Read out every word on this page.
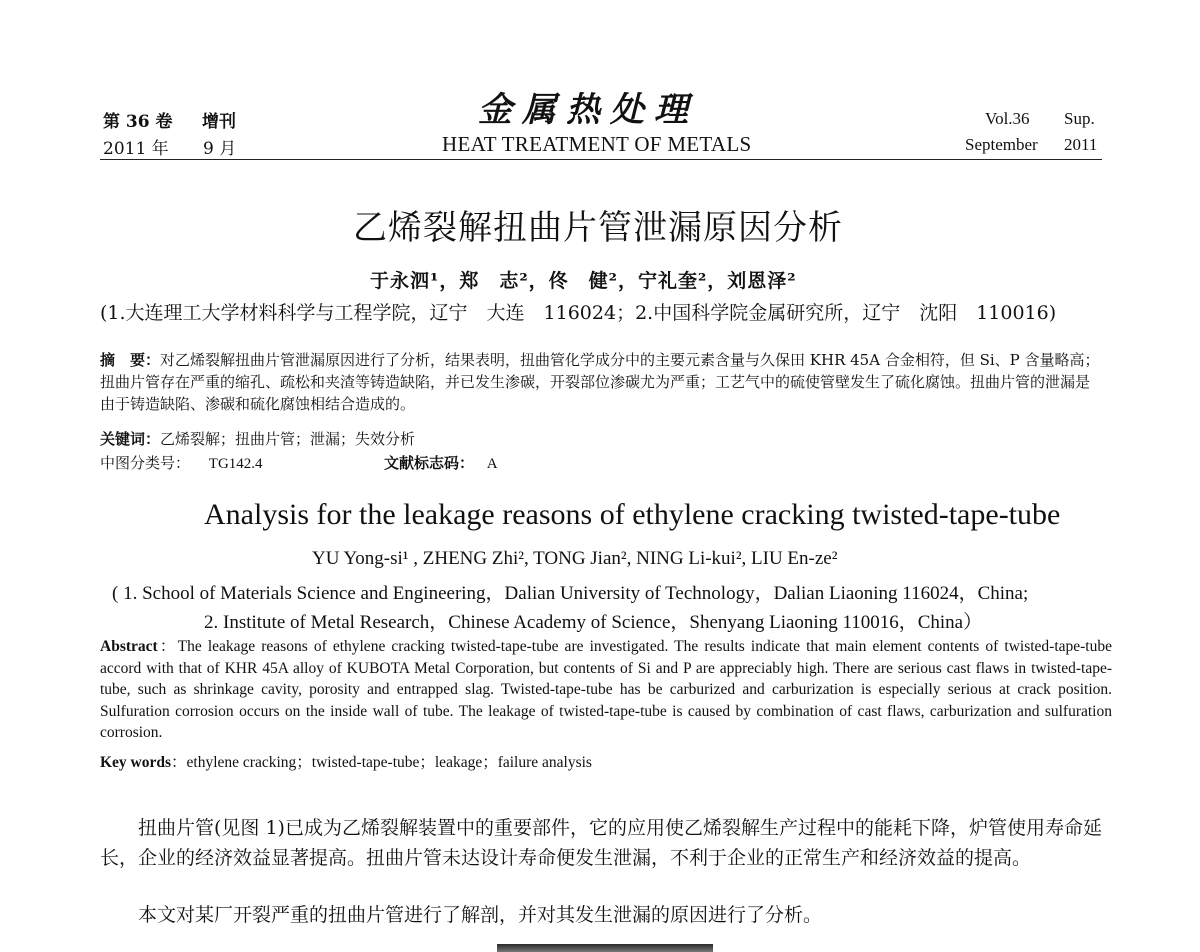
第 36 卷 增刊
2011 年 9 月
金属热处理
HEAT TREATMENT OF METALS
Vol.36 Sup.
September 2011
乙烯裂解扭曲片管泄漏原因分析
于永泗¹，郑　志²，佟　健²，宁礼奎²，刘恩泽²
(1.大连理工大学材料科学与工程学院，辽宁　大连　116024；2.中国科学院金属研究所，辽宁　沈阳　110016)
摘　要：对乙烯裂解扭曲片管泄漏原因进行了分析，结果表明，扭曲管化学成分中的主要元素含量与久保田 KHR 45A 合金相符，但 Si、P 含量略高；扭曲片管存在严重的缩孔、疏松和夹渣等铸造缺陷，并已发生渗碳，开裂部位渗碳尤为严重；工艺气中的硫使管壁发生了硫化腐蚀。扭曲片管的泄漏是由于铸造缺陷、渗碳和硫化腐蚀相结合造成的。
关键词：乙烯裂解；扭曲片管；泄漏；失效分析
中图分类号： TG142.4	文献标志码： A
Analysis for the leakage reasons of ethylene cracking twisted-tape-tube
YU Yong-si¹ , ZHENG Zhi², TONG Jian², NING Li-kui², LIU En-ze²
( 1. School of Materials Science and Engineering，Dalian University of Technology，Dalian Liaoning 116024，China;
2. Institute of Metal Research，Chinese Academy of Science，Shenyang Liaoning 110016，China）
Abstract：The leakage reasons of ethylene cracking twisted-tape-tube are investigated. The results indicate that main element contents of twisted-tape-tube accord with that of KHR 45A alloy of KUBOTA Metal Corporation, but contents of Si and P are appreciably high. There are serious cast flaws in twisted-tape-tube, such as shrinkage cavity, porosity and entrapped slag. Twisted-tape-tube has be carburized and carburization is especially serious at crack position. Sulfuration corrosion occurs on the inside wall of tube. The leakage of twisted-tape-tube is caused by combination of cast flaws, carburization and sulfuration corrosion.
Key words：ethylene cracking；twisted-tape-tube；leakage；failure analysis
扭曲片管(见图 1)已成为乙烯裂解装置中的重要部件，它的应用使乙烯裂解生产过程中的能耗下降，炉管使用寿命延长，企业的经济效益显著提高。扭曲片管未达设计寿命便发生泄漏，不利于企业的正常生产和经济效益的提高。
本文对某厂开裂严重的扭曲片管进行了解剖，并对其发生泄漏的原因进行了分析。
